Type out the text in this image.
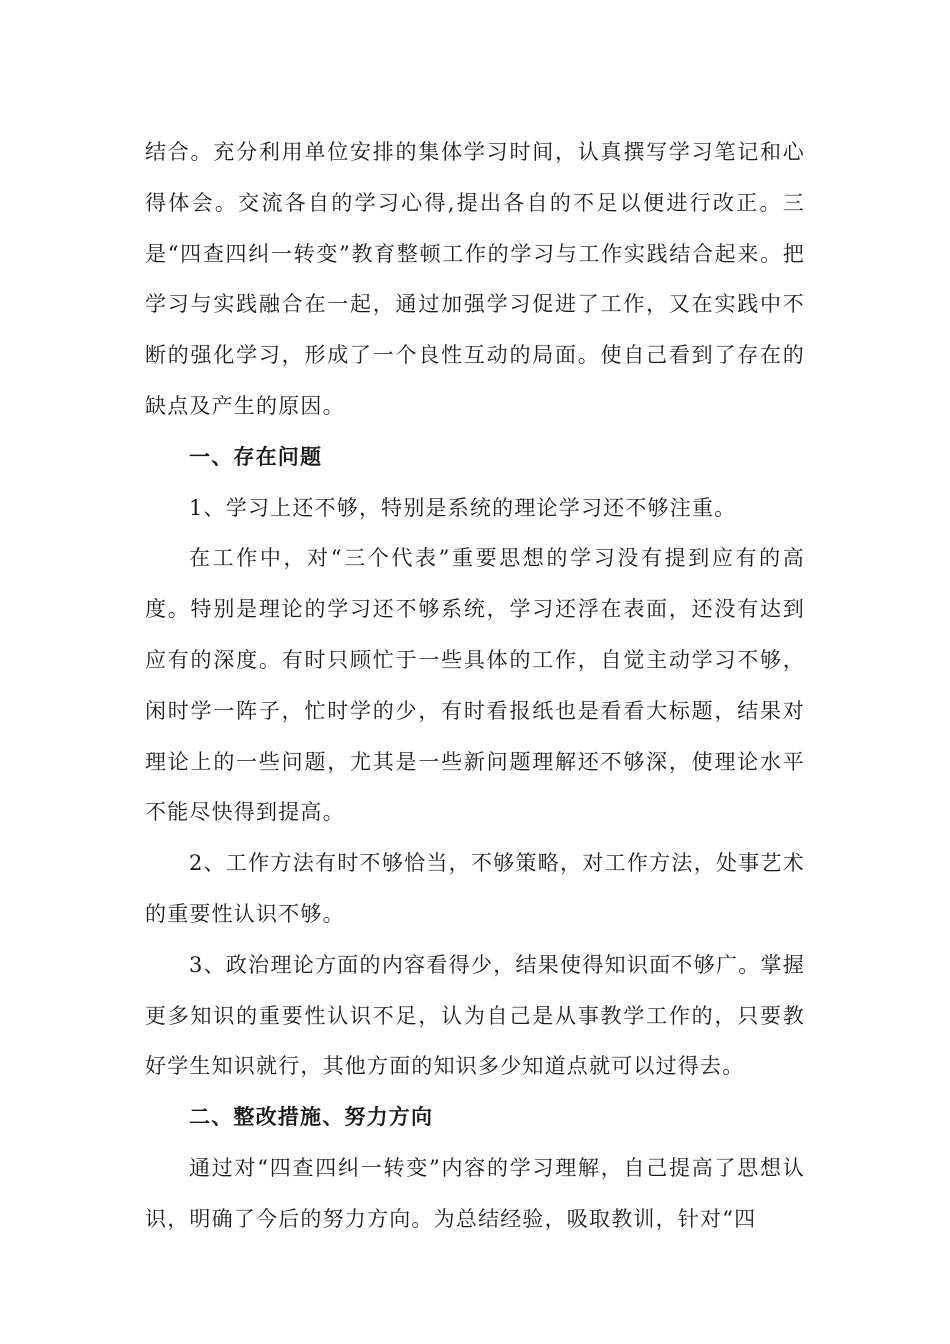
结合。充分利用单位安排的集体学习时间，认真撰写学习笔记和心得体会。交流各自的学习心得,提出各自的不足以便进行改正。三是“四查四纠一转变”教育整顿工作的学习与工作实践结合起来。把学习与实践融合在一起，通过加强学习促进了工作，又在实践中不断的强化学习，形成了一个良性互动的局面。使自己看到了存在的缺点及产生的原因。

一、存在问题

1、学习上还不够，特别是系统的理论学习还不够注重。

在工作中，对“三个代表”重要思想的学习没有提到应有的高度。特别是理论的学习还不够系统，学习还浮在表面，还没有达到应有的深度。有时只顾忙于一些具体的工作，自觉主动学习不够，闲时学一阵子，忙时学的少，有时看报纸也是看看大标题，结果对理论上的一些问题，尤其是一些新问题理解还不够深，使理论水平不能尽快得到提高。

2、工作方法有时不够恰当，不够策略，对工作方法，处事艺术的重要性认识不够。

3、政治理论方面的内容看得少，结果使得知识面不够广。掌握更多知识的重要性认识不足，认为自己是从事教学工作的，只要教好学生知识就行，其他方面的知识多少知道点就可以过得去。

二、整改措施、努力方向

通过对“四查四纠一转变”内容的学习理解，自己提高了思想认识，明确了今后的努力方向。为总结经验，吸取教训，针对“四
